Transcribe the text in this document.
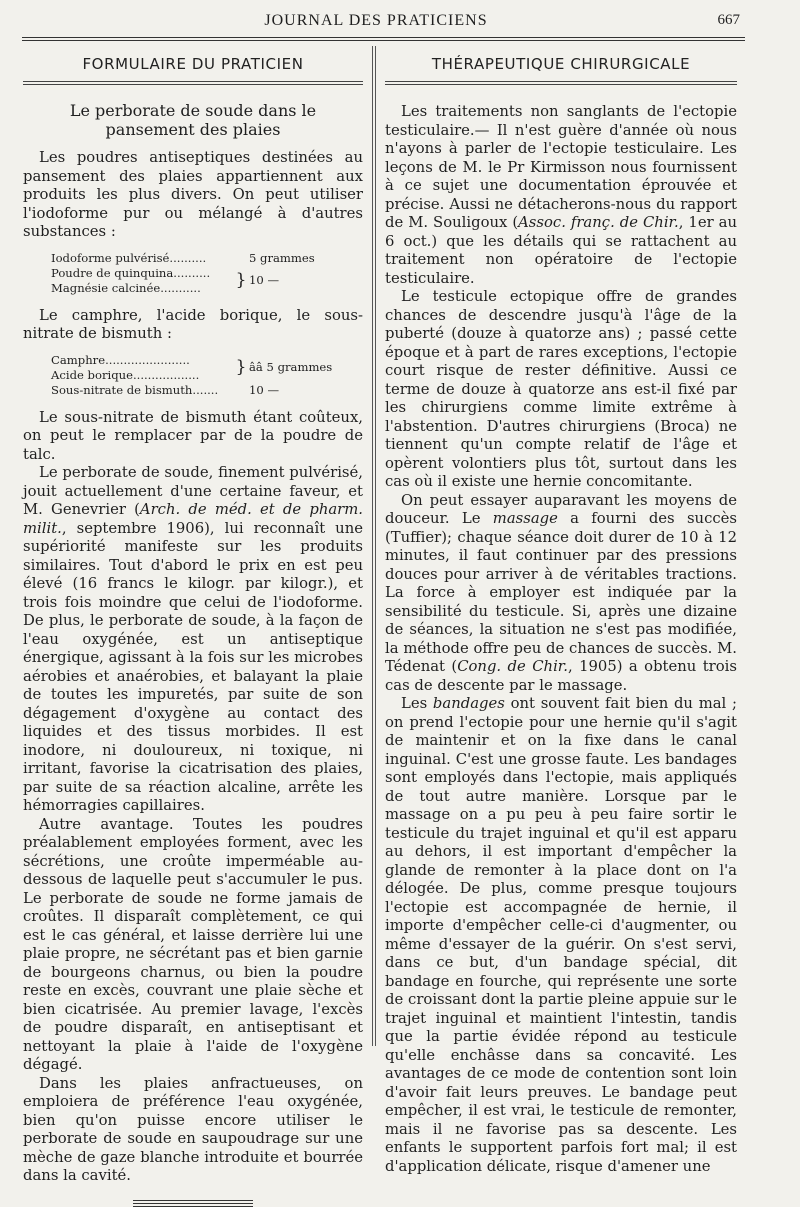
JOURNAL DES PRATICIENS	667
FORMULAIRE DU PRATICIEN
Le perborate de soude dans le pansement des plaies

Les poudres antiseptiques destinées au pansement des plaies appartiennent aux produits les plus divers. On peut utiliser l'iodoforme pur ou mélangé à d'autres substances :

Iodoforme pulvérisé..........		5 grammes
Poudre de quinquina..........	}	10 —
Magnésie calcinée...........		

Le camphre, l'acide borique, le sous-nitrate de bismuth :

Camphre.......................	}	ââ 5 grammes
Acide borique..................		
Sous-nitrate de bismuth.......		10 —

Le sous-nitrate de bismuth étant coûteux, on peut le remplacer par de la poudre de talc.

Le perborate de soude, finement pulvérisé, jouit actuellement d'une certaine faveur, et M. Genevrier (Arch. de méd. et de pharm. milit., septembre 1906), lui reconnaît une supériorité manifeste sur les produits similaires. Tout d'abord le prix en est peu élevé (16 francs le kilogr. par kilogr.), et trois fois moindre que celui de l'iodoforme. De plus, le perborate de soude, à la façon de l'eau oxygénée, est un antiseptique énergique, agissant à la fois sur les microbes aérobies et anaérobies, et balayant la plaie de toutes les impuretés, par suite de son dégagement d'oxygène au contact des liquides et des tissus morbides. Il est inodore, ni douloureux, ni toxique, ni irritant, favorise la cicatrisation des plaies, par suite de sa réaction alcaline, arrête les hémorragies capillaires.

Autre avantage. Toutes les poudres préalablement employées forment, avec les sécrétions, une croûte imperméable au-dessous de laquelle peut s'accumuler le pus. Le perborate de soude ne forme jamais de croûtes. Il disparaît complètement, ce qui est le cas général, et laisse derrière lui une plaie propre, ne sécrétant pas et bien garnie de bourgeons charnus, ou bien la poudre reste en excès, couvrant une plaie sèche et bien cicatrisée. Au premier lavage, l'excès de poudre disparaît, en antiseptisant et nettoyant la plaie à l'aide de l'oxygène dégagé.

Dans les plaies anfractueuses, on emploiera de préférence l'eau oxygénée, bien qu'on puisse encore utiliser le perborate de soude en saupoudrage sur une mèche de gaze blanche introduite et bourrée dans la cavité.

THÉRAPEUTIQUE CHIRURGICALE

Les traitements non sanglants de l'ectopie testiculaire.— Il n'est guère d'année où nous n'ayons à parler de l'ectopie testiculaire. Les leçons de M. le Pr Kirmisson nous fournissent à ce sujet une documentation éprouvée et précise. Aussi ne détacherons-nous du rapport de M. Souligoux (Assoc. franç. de Chir., 1er au 6 oct.) que les détails qui se rattachent au traitement non opératoire de l'ectopie testiculaire.

Le testicule ectopique offre de grandes chances de descendre jusqu'à l'âge de la puberté (douze à quatorze ans) ; passé cette époque et à part de rares exceptions, l'ectopie court risque de rester définitive. Aussi ce terme de douze à quatorze ans est-il fixé par les chirurgiens comme limite extrême à l'abstention. D'autres chirurgiens (Broca) ne tiennent qu'un compte relatif de l'âge et opèrent volontiers plus tôt, surtout dans les cas où il existe une hernie concomitante.

On peut essayer auparavant les moyens de douceur. Le massage a fourni des succès (Tuffier); chaque séance doit durer de 10 à 12 minutes, il faut continuer par des pressions douces pour arriver à de véritables tractions. La force à employer est indiquée par la sensibilité du testicule. Si, après une dizaine de séances, la situation ne s'est pas modifiée, la méthode offre peu de chances de succès. M. Tédenat (Cong. de Chir., 1905) a obtenu trois cas de descente par le massage.

Les bandages ont souvent fait bien du mal ; on prend l'ectopie pour une hernie qu'il s'agit de maintenir et on la fixe dans le canal inguinal. C'est une grosse faute. Les bandages sont employés dans l'ectopie, mais appliqués de tout autre manière. Lorsque par le massage on a pu peu à peu faire sortir le testicule du trajet inguinal et qu'il est apparu au dehors, il est important d'empêcher la glande de remonter à la place dont on l'a délogée. De plus, comme presque toujours l'ectopie est accompagnée de hernie, il importe d'empêcher celle-ci d'augmenter, ou même d'essayer de la guérir. On s'est servi, dans ce but, d'un bandage spécial, dit bandage en fourche, qui représente une sorte de croissant dont la partie pleine appuie sur le trajet inguinal et maintient l'intestin, tandis que la partie évidée répond au testicule qu'elle enchâsse dans sa concavité. Les avantages de ce mode de contention sont loin d'avoir fait leurs preuves. Le bandage peut empêcher, il est vrai, le testicule de remonter, mais il ne favorise pas sa descente. Les enfants le supportent parfois fort mal; il est d'application délicate, risque d'amener une
